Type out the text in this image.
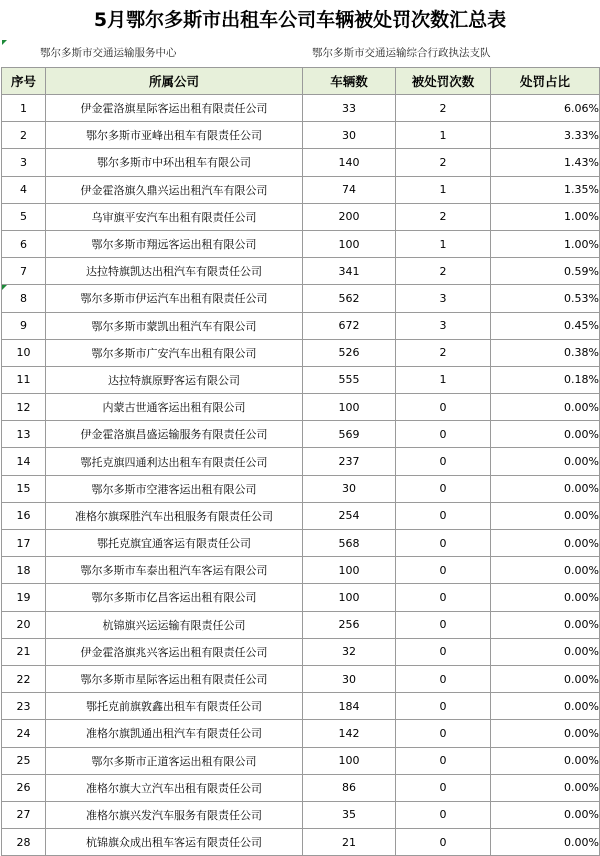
5月鄂尔多斯市出租车公司车辆被处罚次数汇总表
鄂尔多斯市交通运输服务中心	鄂尔多斯市交通运输综合行政执法支队
序号	所属公司	车辆数	被处罚次数	处罚占比
1	伊金霍洛旗星际客运出租有限责任公司	33	2	6.06%
2	鄂尔多斯市亚峰出租车有限责任公司	30	1	3.33%
3	鄂尔多斯市中环出租车有限公司	140	2	1.43%
4	伊金霍洛旗久鼎兴运出租汽车有限公司	74	1	1.35%
5	乌审旗平安汽车出租有限责任公司	200	2	1.00%
6	鄂尔多斯市翔远客运出租有限公司	100	1	1.00%
7	达拉特旗凯达出租汽车有限责任公司	341	2	0.59%
8	鄂尔多斯市伊运汽车出租有限责任公司	562	3	0.53%
9	鄂尔多斯市蒙凯出租汽车有限公司	672	3	0.45%
10	鄂尔多斯市广安汽车出租有限公司	526	2	0.38%
11	达拉特旗原野客运有限公司	555	1	0.18%
12	内蒙古世通客运出租有限公司	100	0	0.00%
13	伊金霍洛旗昌盛运输服务有限责任公司	569	0	0.00%
14	鄂托克旗四通利达出租车有限责任公司	237	0	0.00%
15	鄂尔多斯市空港客运出租有限公司	30	0	0.00%
16	准格尔旗琛胜汽车出租服务有限责任公司	254	0	0.00%
17	鄂托克旗宜通客运有限责任公司	568	0	0.00%
18	鄂尔多斯市车泰出租汽车客运有限公司	100	0	0.00%
19	鄂尔多斯市亿昌客运出租有限公司	100	0	0.00%
20	杭锦旗兴运运输有限责任公司	256	0	0.00%
21	伊金霍洛旗兆兴客运出租有限责任公司	32	0	0.00%
22	鄂尔多斯市星际客运出租有限责任公司	30	0	0.00%
23	鄂托克前旗敦鑫出租车有限责任公司	184	0	0.00%
24	准格尔旗凯通出租汽车有限责任公司	142	0	0.00%
25	鄂尔多斯市正道客运出租有限公司	100	0	0.00%
26	准格尔旗大立汽车出租有限责任公司	86	0	0.00%
27	准格尔旗兴发汽车服务有限责任公司	35	0	0.00%
28	杭锦旗众成出租车客运有限责任公司	21	0	0.00%
